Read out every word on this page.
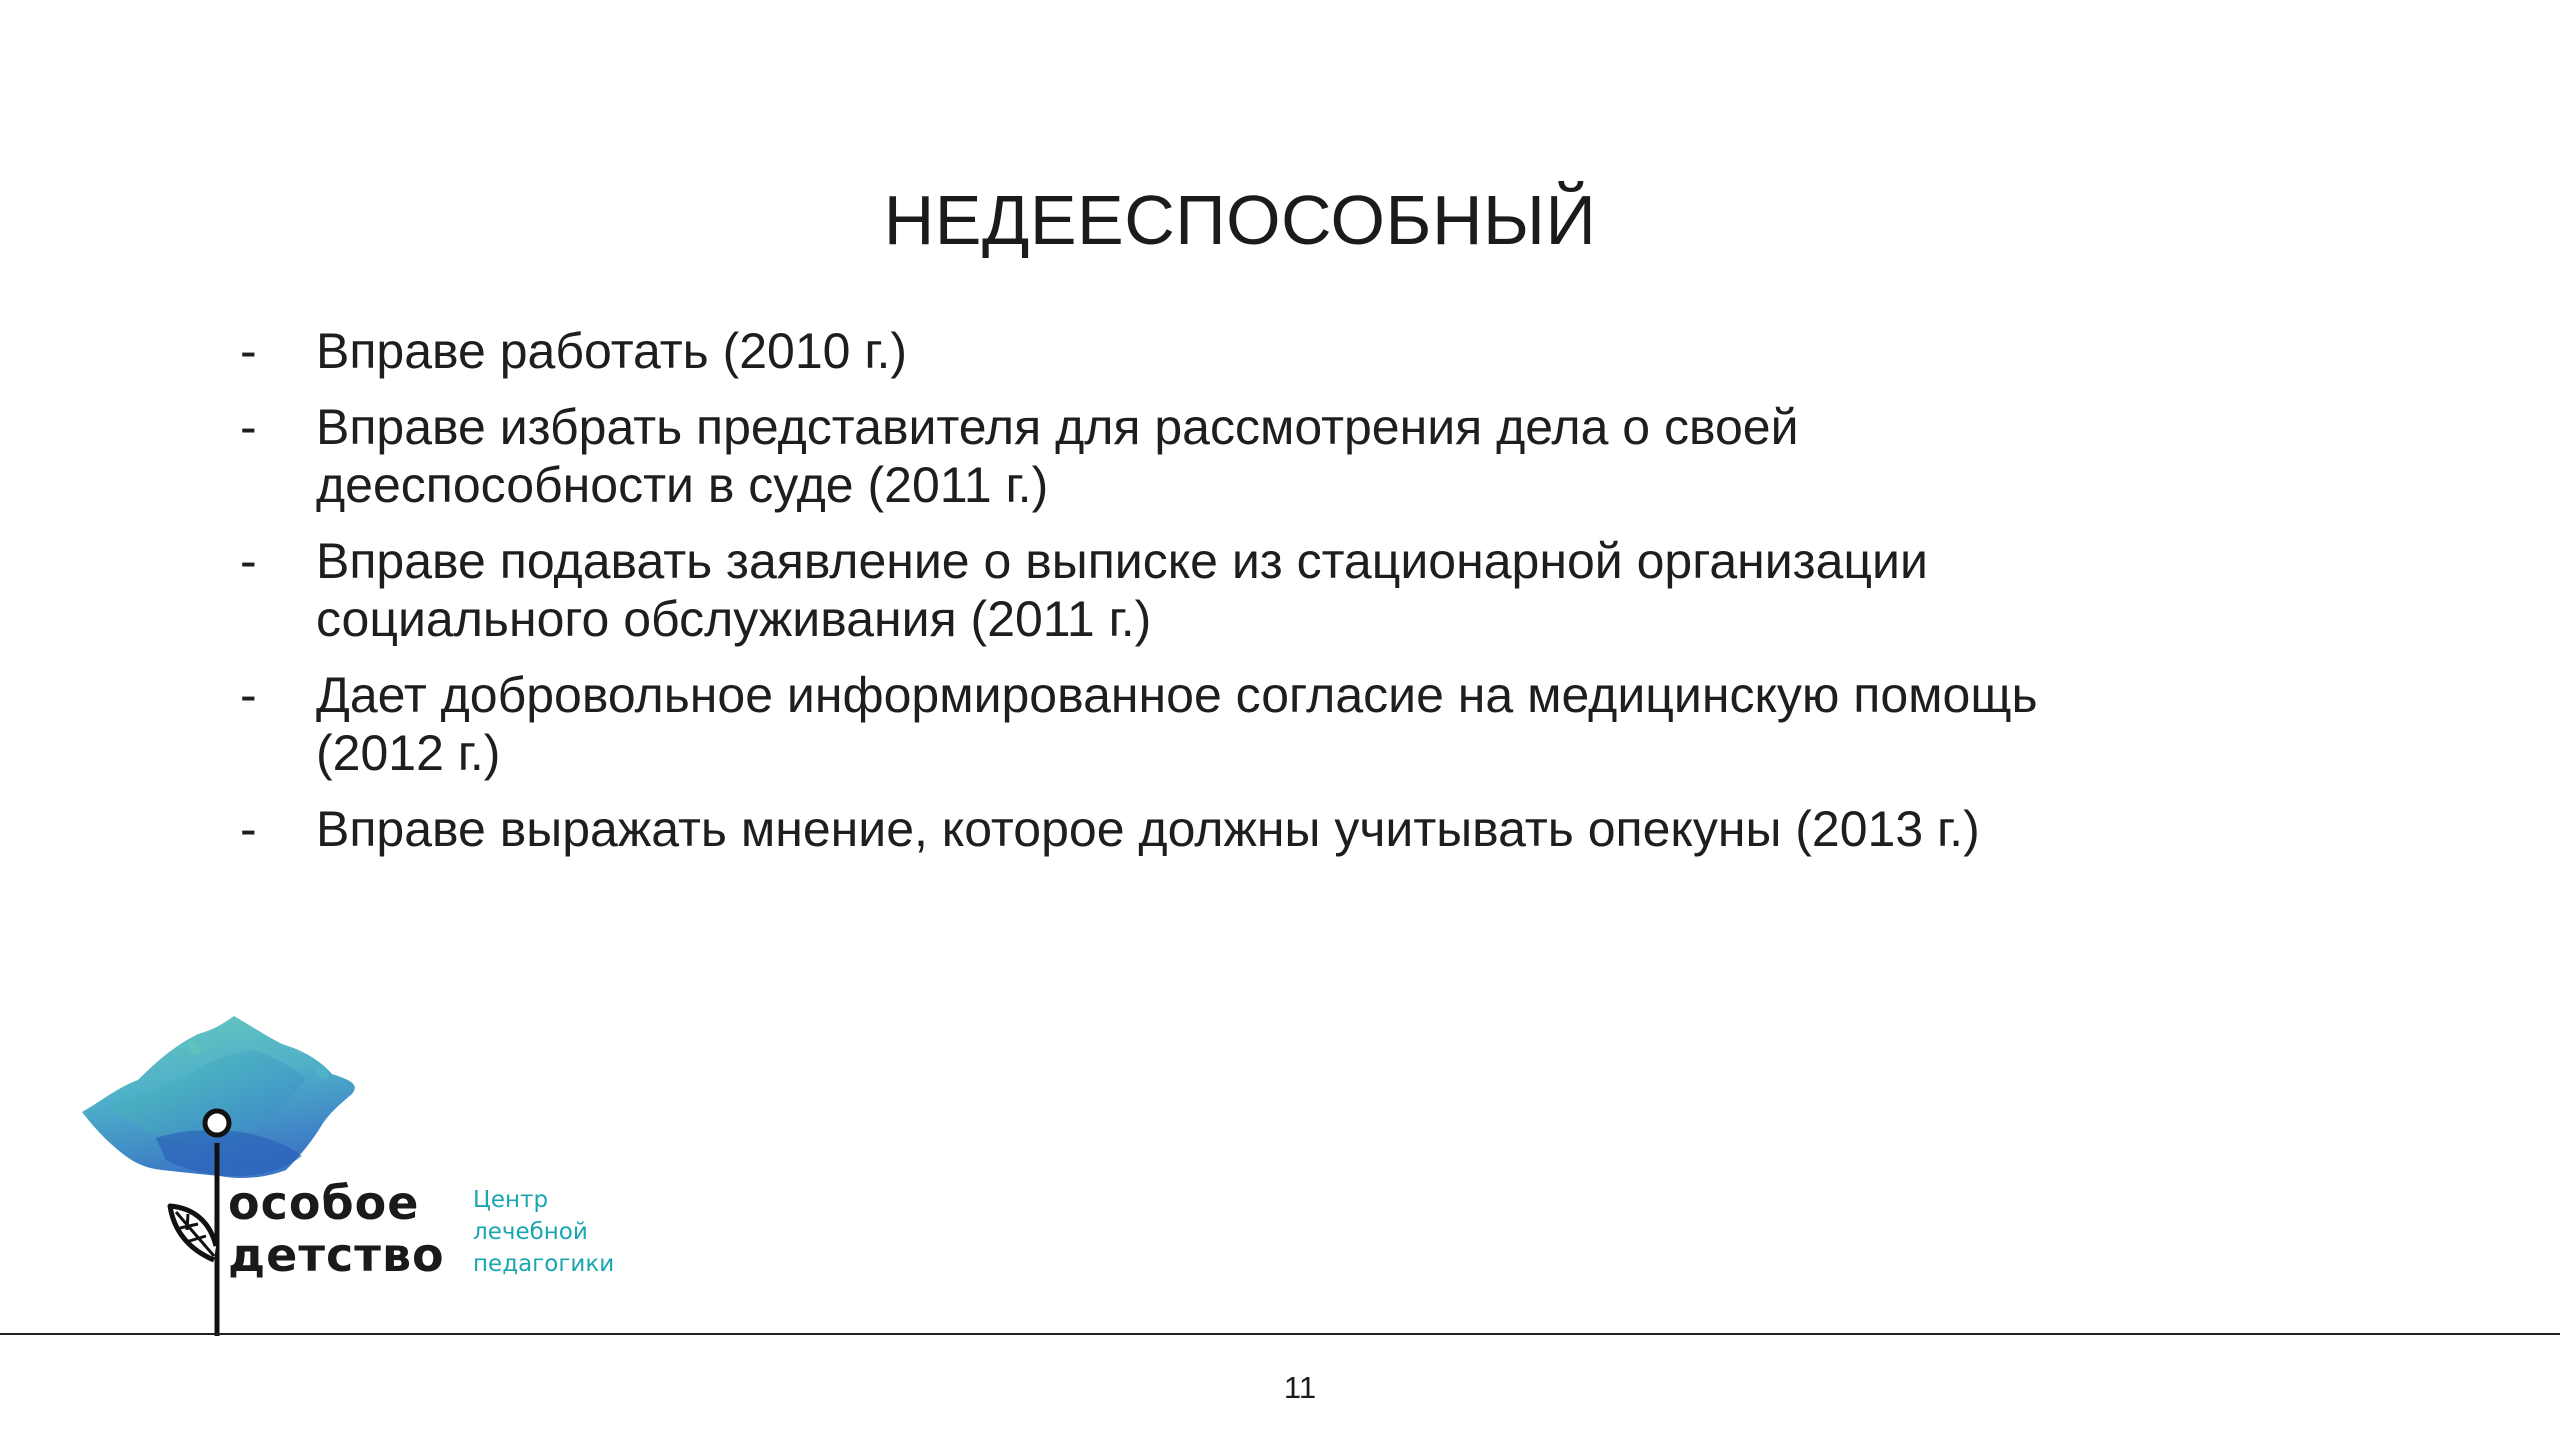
НЕДЕЕСПОСОБНЫЙ
-	Вправе работать (2010 г.)
-	Вправе избрать представителя для рассмотрения дела о своей
дееспособности в суде (2011 г.)
-	Вправе подавать заявление о выписке из стационарной организации
социального обслуживания (2011 г.)
-	Дает добровольное информированное согласие на медицинскую помощь
(2012 г.)
-	Вправе выражать мнение, которое должны учитывать опекуны (2013 г.)
особое
детство
Центр
лечебной
педагогики
11
